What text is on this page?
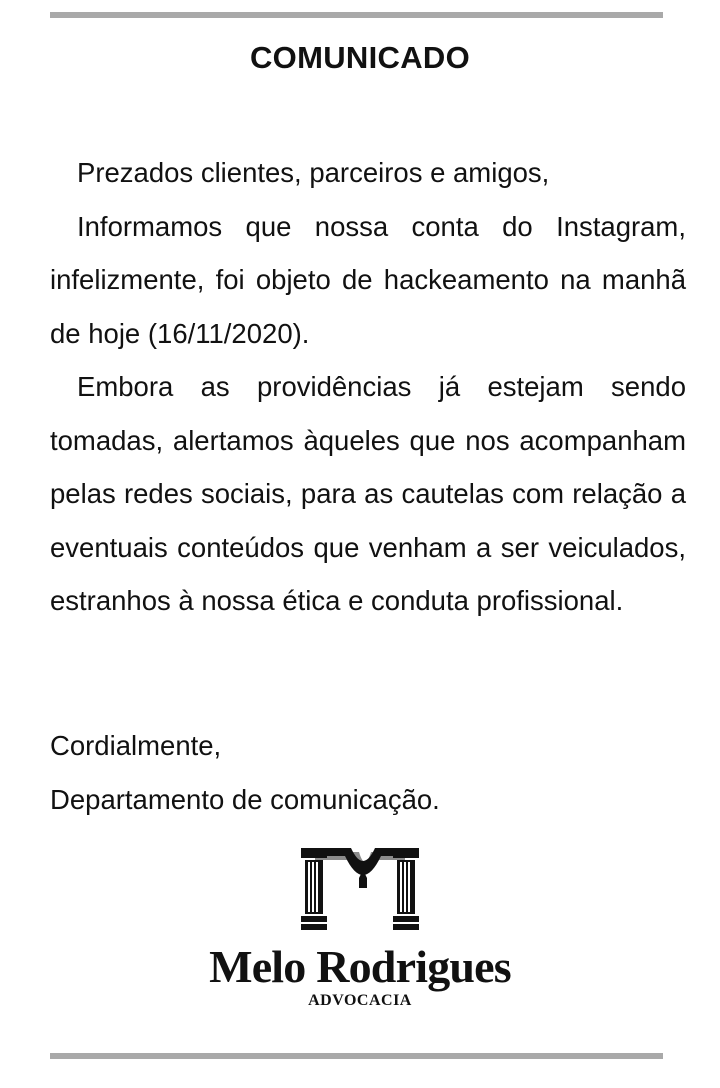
COMUNICADO

Prezados clientes, parceiros e amigos,

Informamos que nossa conta do Instagram, infelizmente, foi objeto de hackeamento na manhã de hoje (16/11/2020).

Embora as providências já estejam sendo tomadas, alertamos àqueles que nos acompanham pelas redes sociais, para as cautelas com relação a eventuais conteúdos que venham a ser veiculados, estranhos à nossa ética e conduta profissional.

Cordialmente,

Departamento de comunicação.

Melo Rodrigues
ADVOCACIA
